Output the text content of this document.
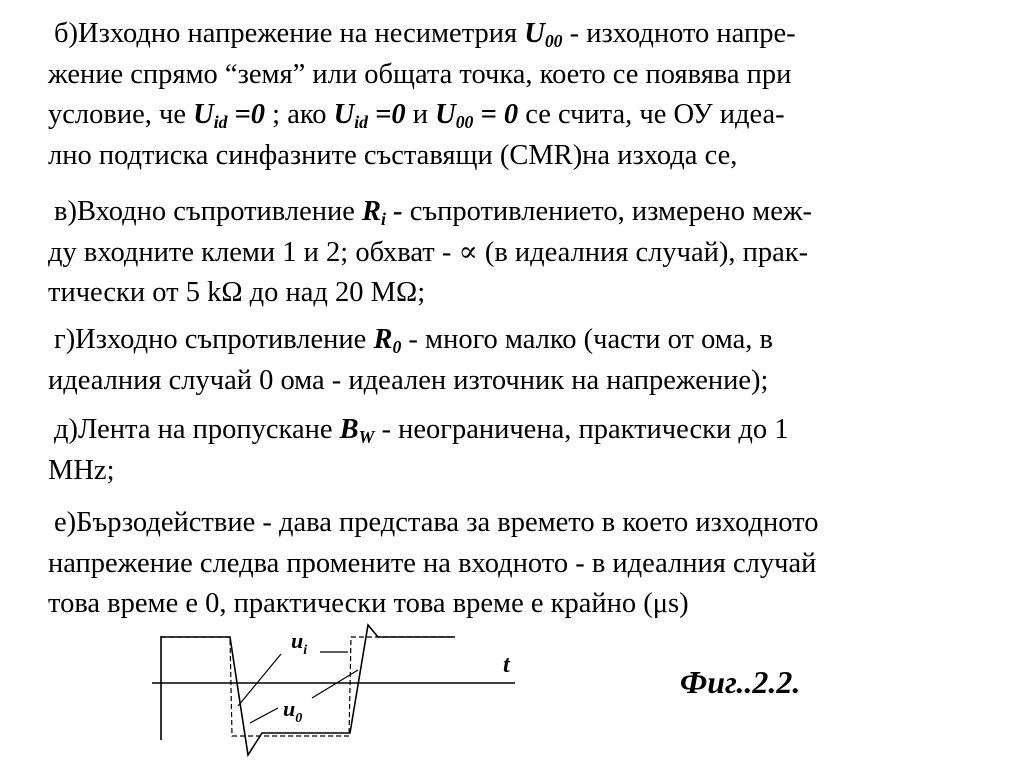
б)Изходно напрежение на несиметрия $U_{00}$ - изходното напре-
жение спрямо “земя” или общата точка, което се появява при
условие, че $U_{id} =0$ ; ако $U_{id} =0$ и $U_{00} = 0$ се счита, че ОУ идеа-
лно подтиска синфазните съставящи (CMR)на изхода се,

в)Входно съпротивление $R_i$ - съпротивлението, измерено меж-
ду входните клеми 1 и 2; обхват - ∝ (в идеалния случай), прак-
тически от 5 kΩ до над 20 MΩ;

г)Изходно съпротивление $R_0$ - много малко (части от ома, в
идеалния случай 0 ома - идеален източник на напрежение);

д)Лента на пропускане $B_W$ - неограничена, практически до 1
MHz;

е)Бързодействие - дава представа за времето в което изходното
напрежение следва промените на входното - в идеалния случай
това време е 0, практически това време е крайно (μs)

$u_i$
$u_0$
t	Фиг..2.2.
